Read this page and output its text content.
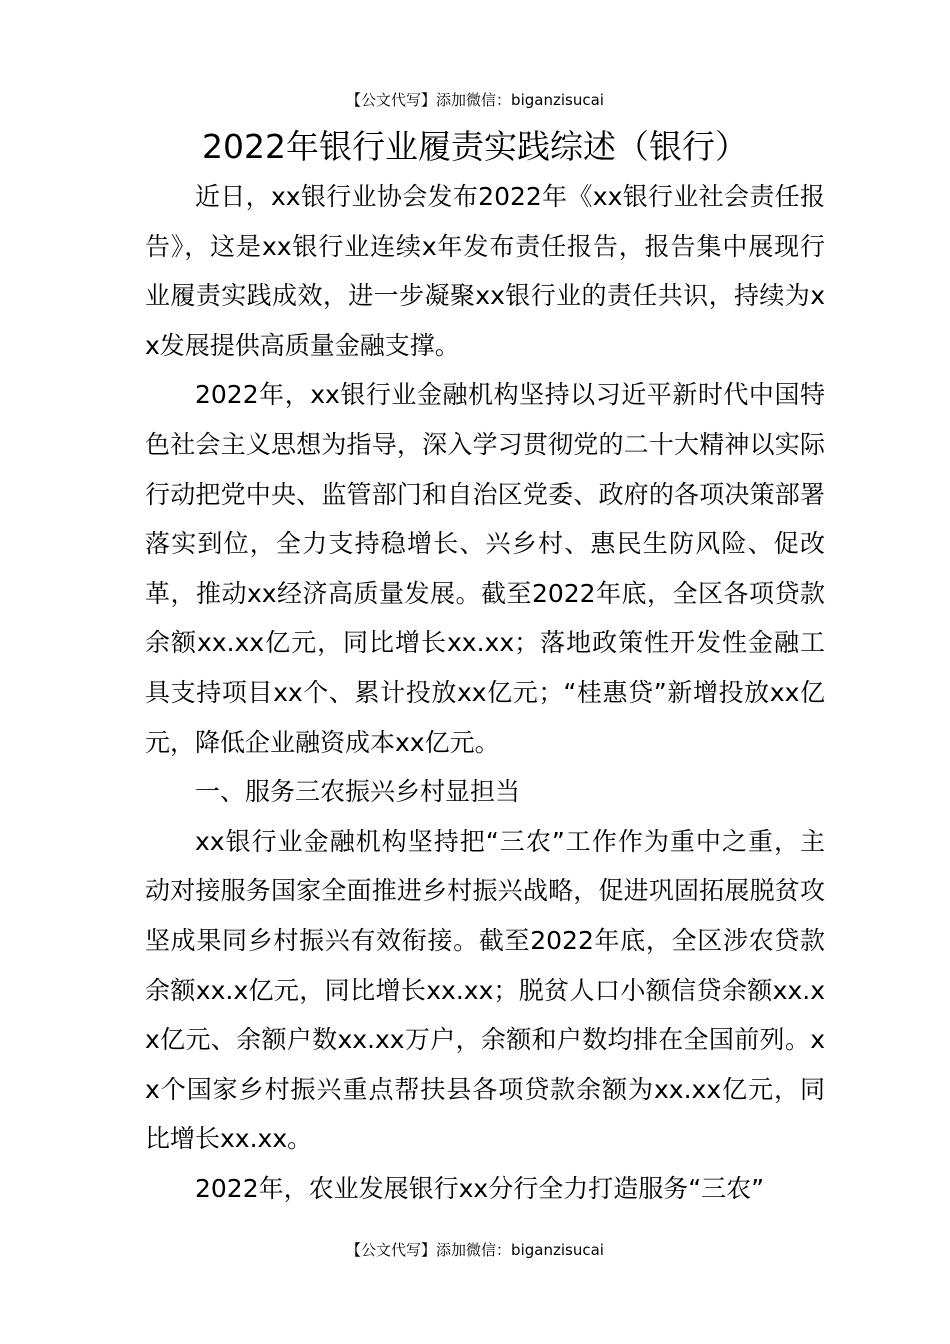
【公文代写】添加微信：biganzisucai
2022年银行业履责实践综述（银行）

近日，xx银行业协会发布2022年《xx银行业社会责任报告》，这是xx银行业连续x年发布责任报告，报告集中展现行业履责实践成效，进一步凝聚xx银行业的责任共识，持续为xx发展提供高质量金融支撑。

2022年，xx银行业金融机构坚持以习近平新时代中国特色社会主义思想为指导，深入学习贯彻党的二十大精神以实际行动把党中央、监管部门和自治区党委、政府的各项决策部署落实到位，全力支持稳增长、兴乡村、惠民生防风险、促改革，推动xx经济高质量发展。截至2022年底，全区各项贷款余额xx.xx亿元，同比增长xx.xx；落地政策性开发性金融工具支持项目xx个、累计投放xx亿元；“桂惠贷”新增投放xx亿元，降低企业融资成本xx亿元。

一、服务三农振兴乡村显担当

xx银行业金融机构坚持把“三农”工作作为重中之重，主动对接服务国家全面推进乡村振兴战略，促进巩固拓展脱贫攻坚成果同乡村振兴有效衔接。截至2022年底，全区涉农贷款余额xx.x亿元，同比增长xx.xx；脱贫人口小额信贷余额xx.xx亿元、余额户数xx.xx万户，余额和户数均排在全国前列。xx个国家乡村振兴重点帮扶县各项贷款余额为xx.xx亿元，同比增长xx.xx。

2022年，农业发展银行xx分行全力打造服务“三农”

【公文代写】添加微信：biganzisucai
